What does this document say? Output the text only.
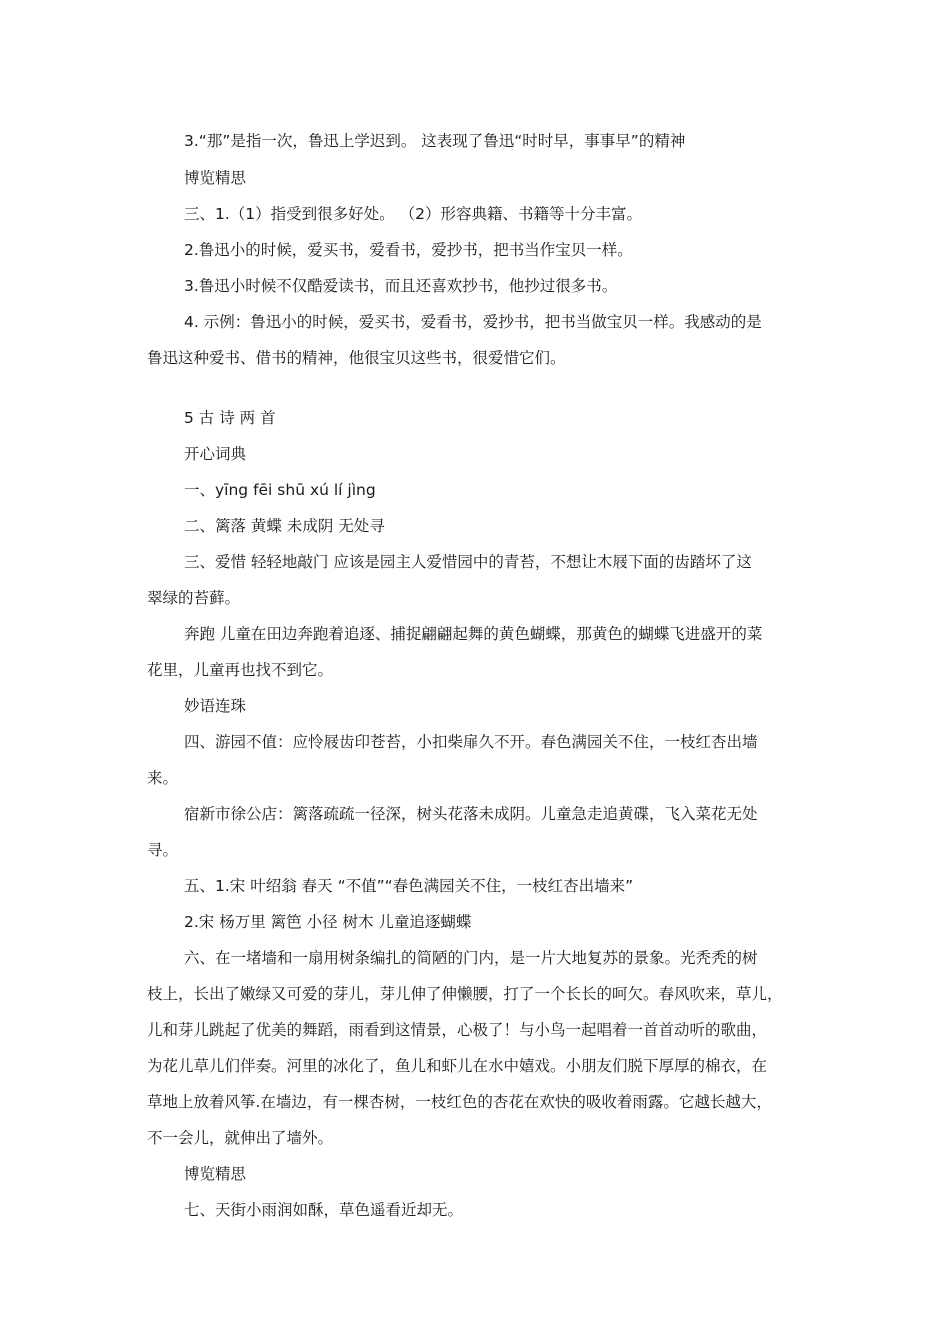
3.“那”是指一次，鲁迅上学迟到。 这表现了鲁迅“时时早，事事早”的精神
博览精思
三、1.（1）指受到很多好处。 （2）形容典籍、书籍等十分丰富。
2.鲁迅小的时候，爱买书，爱看书，爱抄书，把书当作宝贝一样。
3.鲁迅小时候不仅酷爱读书，而且还喜欢抄书，他抄过很多书。
4. 示例：鲁迅小的时候，爱买书，爱看书，爱抄书，把书当做宝贝一样。我感动的是
鲁迅这种爱书、借书的精神，他很宝贝这些书，很爱惜它们。
5 古 诗 两 首
开心词典
一、yīng fēi shū xú lí jìng
二、篱落 黄蝶 未成阴 无处寻
三、爱惜 轻轻地敲门 应该是园主人爱惜园中的青苔，不想让木屐下面的齿踏坏了这
翠绿的苔藓。
奔跑 儿童在田边奔跑着追逐、捕捉翩翩起舞的黄色蝴蝶，那黄色的蝴蝶飞进盛开的菜
花里，儿童再也找不到它。
妙语连珠
四、游园不值：应怜屐齿印苍苔，小扣柴扉久不开。春色满园关不住，一枝红杏出墙
来。
宿新市徐公店：篱落疏疏一径深，树头花落未成阴。儿童急走追黄碟，飞入菜花无处
寻。
五、1.宋 叶绍翁 春天 “不值”“春色满园关不住，一枝红杏出墙来”
2.宋 杨万里 篱笆 小径 树木 儿童追逐蝴蝶
六、在一堵墙和一扇用树条编扎的简陋的门内，是一片大地复苏的景象。光秃秃的树
枝上，长出了嫩绿又可爱的芽儿，芽儿伸了伸懒腰，打了一个长长的呵欠。春风吹来，草儿，
儿和芽儿跳起了优美的舞蹈，雨看到这情景，心极了！与小鸟一起唱着一首首动听的歌曲，
为花儿草儿们伴奏。河里的冰化了，鱼儿和虾儿在水中嬉戏。小朋友们脱下厚厚的棉衣，在
草地上放着风筝.在墙边，有一棵杏树，一枝红色的杏花在欢快的吸收着雨露。它越长越大，
不一会儿，就伸出了墙外。
博览精思
七、天街小雨润如酥，草色遥看近却无。
